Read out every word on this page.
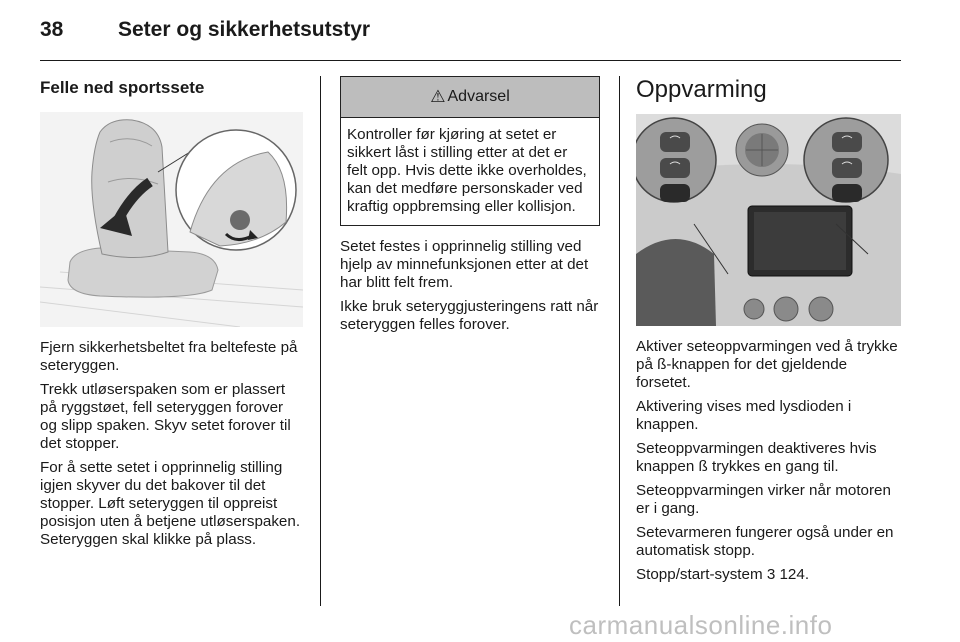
38	Seter og sikkerhetsutstyr
Felle ned sportssete

Fjern sikkerhetsbeltet fra beltefeste på seteryggen.

Trekk utløserspaken som er plassert på ryggstøet, fell seteryggen forover og slipp spaken. Skyv setet forover til det stopper.

For å sette setet i opprinnelig stilling igjen skyver du det bakover til det stopper. Løft seteryggen til oppreist posisjon uten å betjene utløserspaken. Seteryggen skal klikke på plass.

⚠ Advarsel
Kontroller før kjøring at setet er sikkert låst i stilling etter at det er felt opp. Hvis dette ikke overholdes, kan det medføre personskader ved kraftig oppbremsing eller kollisjon.

Setet festes i opprinnelig stilling ved hjelp av minnefunksjonen etter at det har blitt felt frem.

Ikke bruk seteryggjusteringens ratt når seteryggen felles forover.

Oppvarming

Aktiver seteoppvarmingen ved å trykke på ß-knappen for det gjeldende forsetet.

Aktivering vises med lysdioden i knappen.

Seteoppvarmingen deaktiveres hvis knappen ß trykkes en gang til.

Seteoppvarmingen virker når motoren er i gang.

Setevarmeren fungerer også under en automatisk stopp.

Stopp/start-system 3 124.

carmanualsonline.info
